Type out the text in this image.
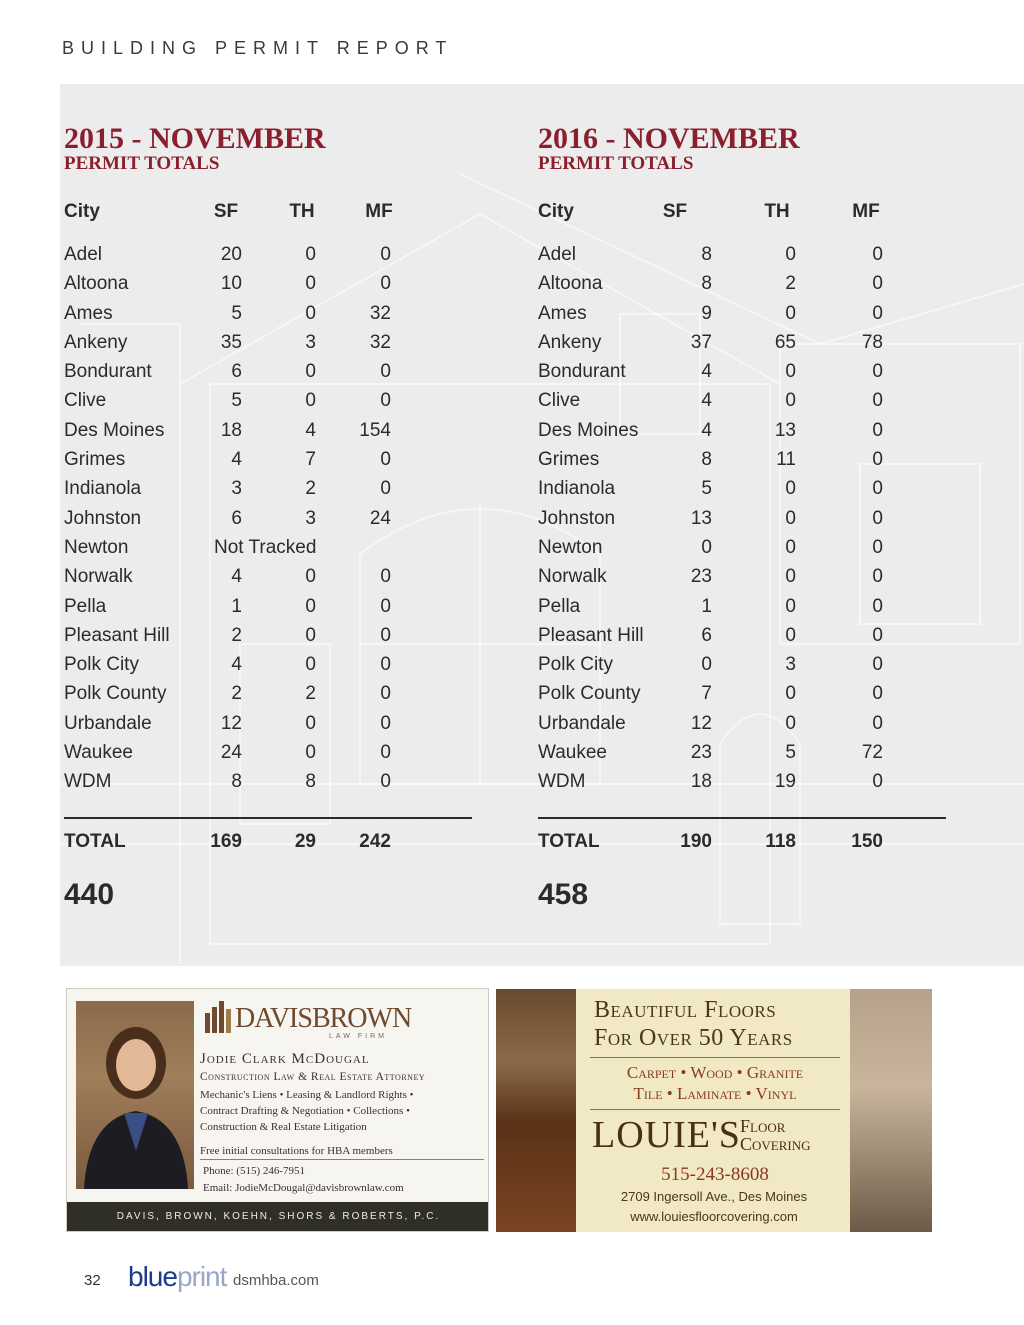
BUILDING PERMIT REPORT
2015 - NOVEMBER
PERMIT TOTALS
City	SF	TH	MF
Adel	20	0	0
Altoona	10	0	0
Ames	5	0	32
Ankeny	35	3	32
Bondurant	6	0	0
Clive	5	0	0
Des Moines	18	4	154
Grimes	4	7	0
Indianola	3	2	0
Johnston	6	3	24
Newton	Not Tracked
Norwalk	4	0	0
Pella	1	0	0
Pleasant Hill	2	0	0
Polk City	4	0	0
Polk County	2	2	0
Urbandale	12	0	0
Waukee	24	0	0
WDM	8	8	0
TOTAL	169	29	242
440
2016 - NOVEMBER
PERMIT TOTALS
City	SF	TH	MF
Adel	8	0	0
Altoona	8	2	0
Ames	9	0	0
Ankeny	37	65	78
Bondurant	4	0	0
Clive	4	0	0
Des Moines	4	13	0
Grimes	8	11	0
Indianola	5	0	0
Johnston	13	0	0
Newton	0	0	0
Norwalk	23	0	0
Pella	1	0	0
Pleasant Hill	6	0	0
Polk City	0	3	0
Polk County	7	0	0
Urbandale	12	0	0
Waukee	23	5	72
WDM	18	19	0
TOTAL	190	118	150
458
DAVISBROWN
LAW FIRM
Jodie Clark McDougal
Construction Law & Real Estate Attorney
Mechanic's Liens • Leasing & Landlord Rights •
Contract Drafting & Negotiation • Collections •
Construction & Real Estate Litigation
Free initial consultations for HBA members
Phone: (515) 246-7951
Email: JodieMcDougal@davisbrownlaw.com
DAVIS, BROWN, KOEHN, SHORS & ROBERTS, P.C.
Beautiful Floors
For Over 50 Years
Carpet • Wood • Granite
Tile • Laminate • Vinyl
LOUIE'S Floor
Covering
515-243-8608
2709 Ingersoll Ave., Des Moines
www.louiesfloorcovering.com
32 blueprint dsmhba.com
